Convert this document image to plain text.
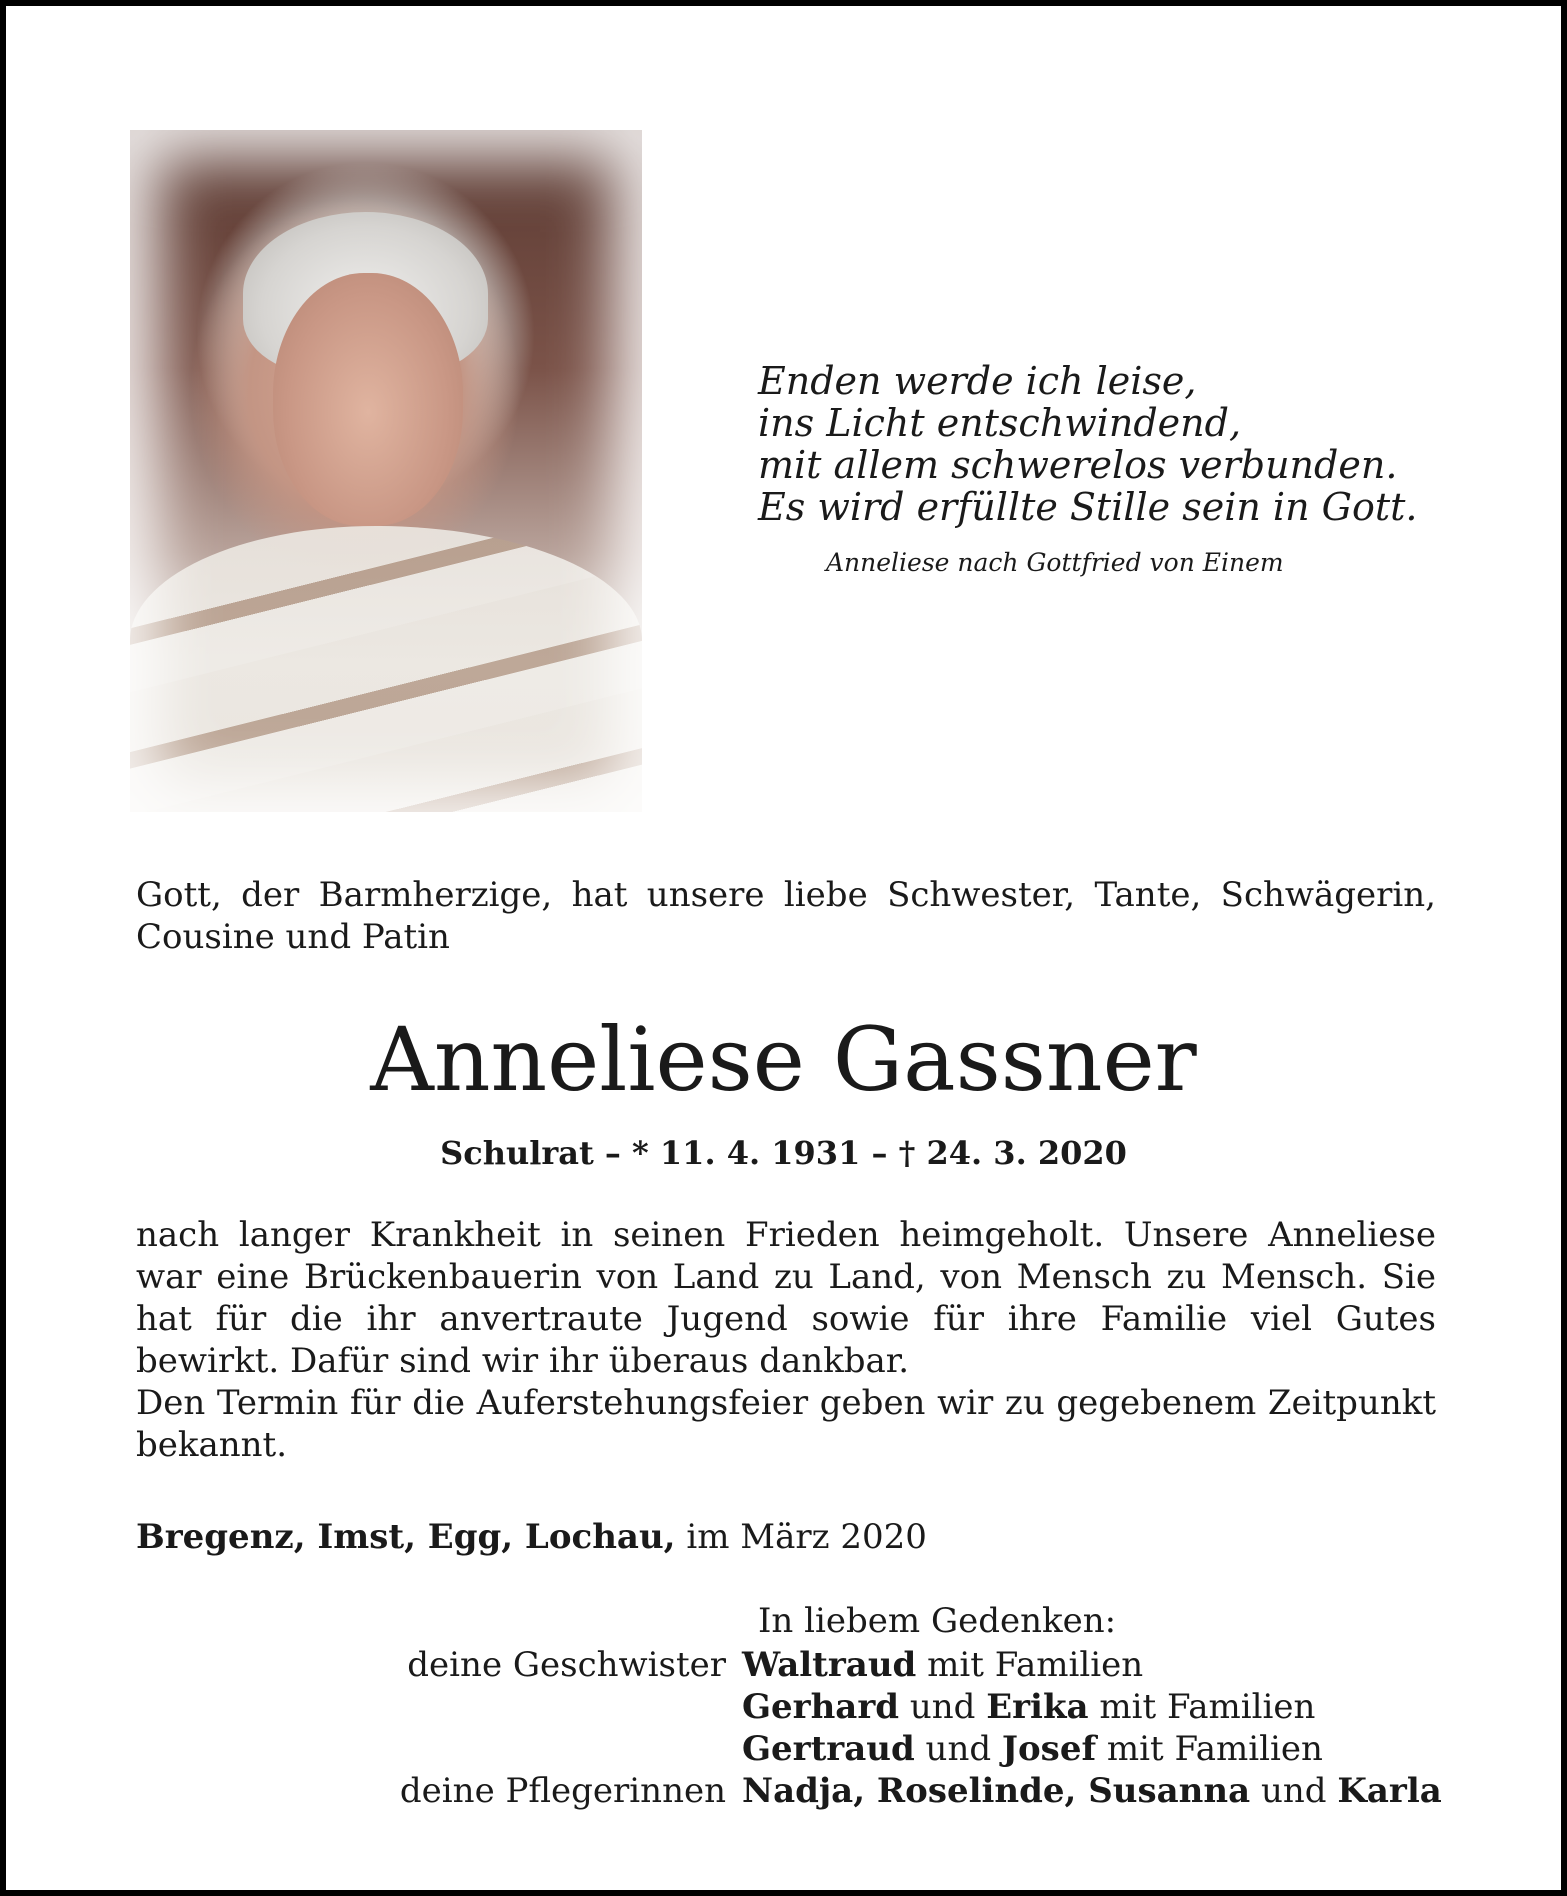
Enden werde ich leise,

ins Licht entschwindend,

mit allem schwerelos verbunden.

Es wird erfüllte Stille sein in Gott.

Anneliese nach Gottfried von Einem
Gott, der Barmherzige, hat unsere liebe Schwester, Tante, Schwägerin, Cousine und Patin
Anneliese Gassner
Schulrat – * 11. 4. 1931 – † 24. 3. 2020

nach langer Krankheit in seinen Frieden heimgeholt. Unsere Anneliese war eine Brückenbauerin von Land zu Land, von Mensch zu Mensch. Sie hat für die ihr anvertraute Jugend sowie für ihre Familie viel Gutes bewirkt. Dafür sind wir ihr überaus dankbar.

Den Termin für die Auferstehungsfeier geben wir zu gegebenem Zeitpunkt bekannt.

Bregenz, Imst, Egg, Lochau, im März 2020
In liebem Gedenken:
deine Geschwister Waltraud mit Familien
Gerhard und Erika mit Familien
Gertraud und Josef mit Familien
deine Pflegerinnen Nadja, Roselinde, Susanna und Karla
